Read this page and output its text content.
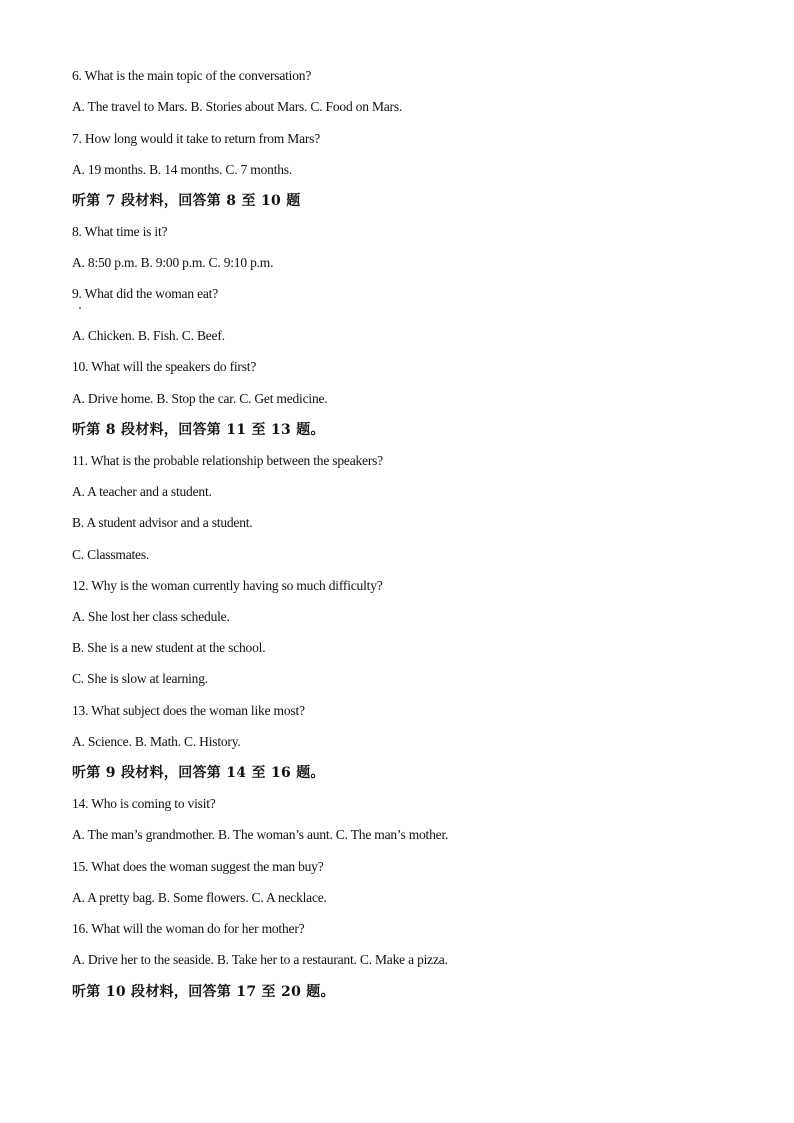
6. What is the main topic of the conversation?
A. The travel to Mars. B. Stories about Mars. C. Food on Mars.
7. How long would it take to return from Mars?
A. 19 months. B. 14 months. C. 7 months.
听第 7 段材料，回答第 8 至 10 题
8. What time is it?
A. 8:50 p.m. B. 9:00 p.m. C. 9:10 p.m.
9. What did the woman eat?
A. Chicken. B. Fish. C. Beef.
10. What will the speakers do first?
A. Drive home. B. Stop the car. C. Get medicine.
听第 8 段材料，回答第 11 至 13 题。
11. What is the probable relationship between the speakers?
A. A teacher and a student.
B. A student advisor and a student.
C. Classmates.
12. Why is the woman currently having so much difficulty?
A. She lost her class schedule.
B. She is a new student at the school.
C. She is slow at learning.
13. What subject does the woman like most?
A. Science. B. Math. C. History.
听第 9 段材料，回答第 14 至 16 题。
14. Who is coming to visit?
A. The man’s grandmother. B. The woman’s aunt. C. The man’s mother.
15. What does the woman suggest the man buy?
A. A pretty bag. B. Some flowers. C. A necklace.
16. What will the woman do for her mother?
A. Drive her to the seaside. B. Take her to a restaurant. C. Make a pizza.
听第 10 段材料，回答第 17 至 20 题。
